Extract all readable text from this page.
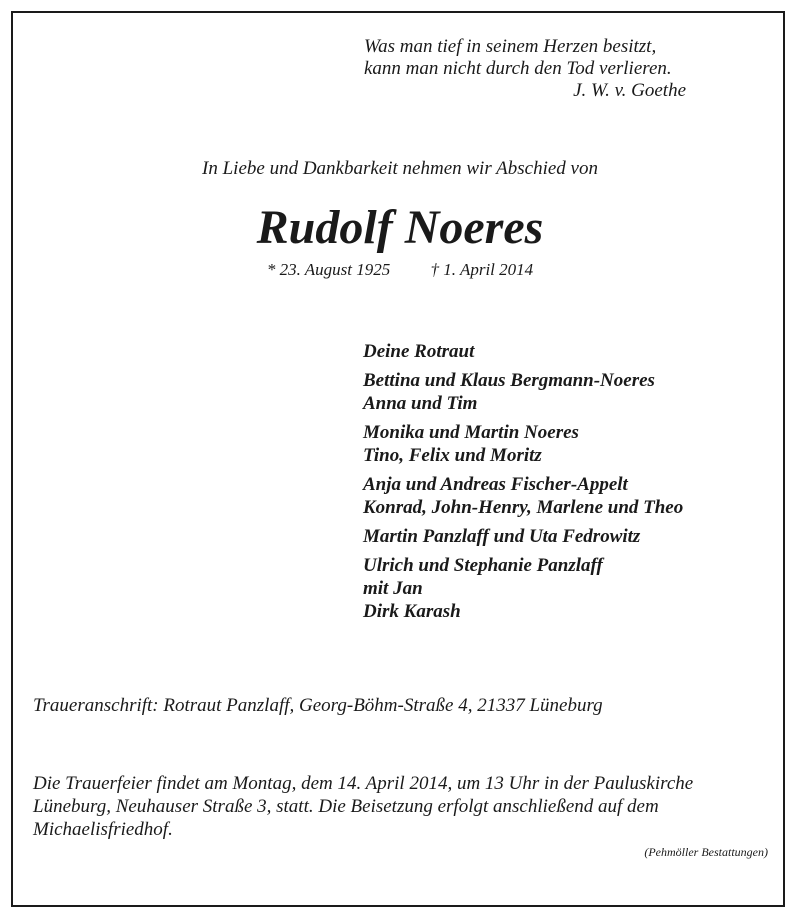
Was man tief in seinem Herzen besitzt,
kann man nicht durch den Tod verlieren.
J. W. v. Goethe
In Liebe und Dankbarkeit nehmen wir Abschied von
Rudolf Noeres
* 23. August 1925 † 1. April 2014
Deine Rotraut
Bettina und Klaus Bergmann-Noeres
Anna und Tim
Monika und Martin Noeres
Tino, Felix und Moritz
Anja und Andreas Fischer-Appelt
Konrad, John-Henry, Marlene und Theo
Martin Panzlaff und Uta Fedrowitz
Ulrich und Stephanie Panzlaff
mit Jan
Dirk Karash
Traueranschrift: Rotraut Panzlaff, Georg-Böhm-Straße 4, 21337 Lüneburg
Die Trauerfeier findet am Montag, dem 14. April 2014, um 13 Uhr in der Pauluskirche
Lüneburg, Neuhauser Straße 3, statt. Die Beisetzung erfolgt anschließend auf dem
Michaelisfriedhof.
(Pehmöller Bestattungen)
